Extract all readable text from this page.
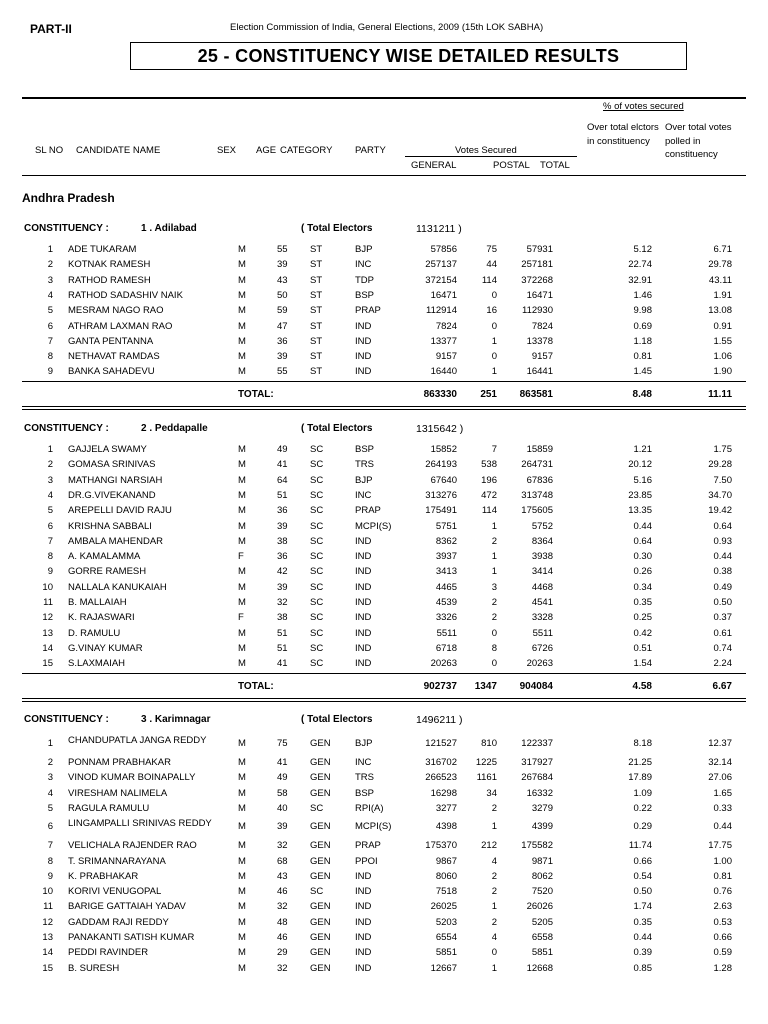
PART-II	Election Commission of India, General Elections, 2009 (15th LOK SABHA)
25 - CONSTITUENCY WISE DETAILED RESULTS
% of votes secured
Over total elctors in constituency
Over total votes polled in constituency
SL NO CANDIDATE NAME	SEX AGE CATEGORY PARTY	Votes Secured
GENERAL	POSTAL TOTAL
Andhra Pradesh
CONSTITUENCY :	1 . Adilabad	( Total Electors	1131211 )
1 ADE TUKARAM	M	55 ST	BJP	57856	75	57931	5.12	6.71
2 KOTNAK RAMESH	M	39 ST	INC	257137	44	257181	22.74	29.78
3 RATHOD RAMESH	M	43 ST	TDP	372154	114	372268	32.91	43.11
4 RATHOD SADASHIV NAIK	M	50 ST	BSP	16471	0	16471	1.46	1.91
5 MESRAM NAGO RAO	M	59 ST	PRAP	112914	16	112930	9.98	13.08
6 ATHRAM LAXMAN RAO	M	47 ST	IND	7824	0	7824	0.69	0.91
7 GANTA PENTANNA	M	36 ST	IND	13377	1	13378	1.18	1.55
8 NETHAVAT RAMDAS	M	39 ST	IND	9157	0	9157	0.81	1.06
9 BANKA SAHADEVU	M	55 ST	IND	16440	1	16441	1.45	1.90
TOTAL:	863330	251	863581	8.48	11.11
CONSTITUENCY :	2 . Peddapalle	( Total Electors	1315642 )
1 GAJJELA SWAMY	M	49 SC	BSP	15852	7	15859	1.21	1.75
2 GOMASA SRINIVAS	M	41 SC	TRS	264193	538	264731	20.12	29.28
3 MATHANGI NARSIAH	M	64 SC	BJP	67640	196	67836	5.16	7.50
4 DR.G.VIVEKANAND	M	51 SC	INC	313276	472	313748	23.85	34.70
5 AREPELLI DAVID RAJU	M	36 SC	PRAP	175491	114	175605	13.35	19.42
6 KRISHNA SABBALI	M	39 SC	MCPI(S)	5751	1	5752	0.44	0.64
7 AMBALA MAHENDAR	M	38 SC	IND	8362	2	8364	0.64	0.93
8 A. KAMALAMMA	F	36 SC	IND	3937	1	3938	0.30	0.44
9 GORRE RAMESH	M	42 SC	IND	3413	1	3414	0.26	0.38
10 NALLALA KANUKAIAH	M	39 SC	IND	4465	3	4468	0.34	0.49
11 B. MALLAIAH	M	32 SC	IND	4539	2	4541	0.35	0.50
12 K. RAJASWARI	F	38 SC	IND	3326	2	3328	0.25	0.37
13 D. RAMULU	M	51 SC	IND	5511	0	5511	0.42	0.61
14 G.VINAY KUMAR	M	51 SC	IND	6718	8	6726	0.51	0.74
15 S.LAXMAIAH	M	41 SC	IND	20263	0	20263	1.54	2.24
TOTAL:	902737	1347	904084	4.58	6.67
CONSTITUENCY :	3 . Karimnagar	( Total Electors	1496211 )
1 CHANDUPATLA JANGA REDDY	M	75 GEN	BJP	121527	810	122337	8.18	12.37
2 PONNAM PRABHAKAR	M	41 GEN	INC	316702	1225	317927	21.25	32.14
3 VINOD KUMAR BOINAPALLY	M	49 GEN	TRS	266523	1161	267684	17.89	27.06
4 VIRESHAM NALIMELA	M	58 GEN	BSP	16298	34	16332	1.09	1.65
5 RAGULA RAMULU	M	40 SC	RPI(A)	3277	2	3279	0.22	0.33
6 LINGAMPALLI SRINIVAS REDDY	M	39 GEN	MCPI(S)	4398	1	4399	0.29	0.44
7 VELICHALA RAJENDER RAO	M	32 GEN	PRAP	175370	212	175582	11.74	17.75
8 T. SRIMANNARAYANA	M	68 GEN	PPOI	9867	4	9871	0.66	1.00
9 K. PRABHAKAR	M	43 GEN	IND	8060	2	8062	0.54	0.81
10 KORIVI VENUGOPAL	M	46 SC	IND	7518	2	7520	0.50	0.76
11 BARIGE GATTAIAH YADAV	M	32 GEN	IND	26025	1	26026	1.74	2.63
12 GADDAM RAJI REDDY	M	48 GEN	IND	5203	2	5205	0.35	0.53
13 PANAKANTI SATISH KUMAR	M	46 GEN	IND	6554	4	6558	0.44	0.66
14 PEDDI RAVINDER	M	29 GEN	IND	5851	0	5851	0.39	0.59
15 B. SURESH	M	32 GEN	IND	12667	1	12668	0.85	1.28
